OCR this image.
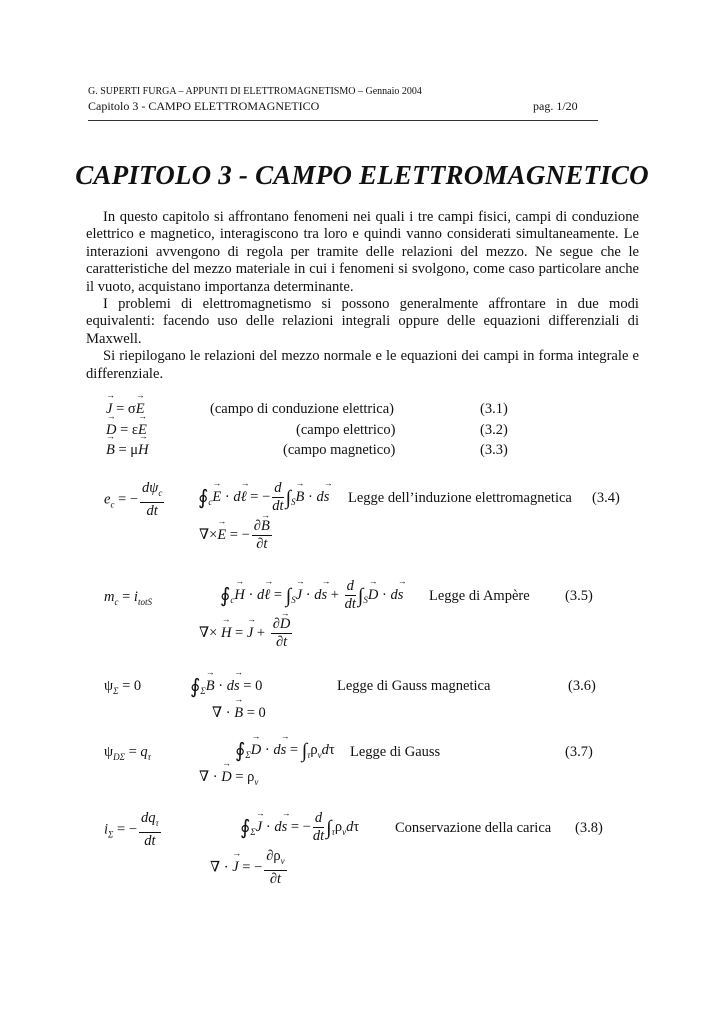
G. SUPERTI FURGA – APPUNTI DI ELETTROMAGNETISMO – Gennaio 2004
Capitolo 3 - CAMPO ELETTROMAGNETICO	pag. 1/20
CAPITOLO 3 - CAMPO ELETTROMAGNETICO

In questo capitolo si affrontano fenomeni nei quali i tre campi fisici, campi di conduzione elettrico e magnetico, interagiscono tra loro e quindi vanno considerati simultaneamente. Le interazioni avvengono di regola per tramite delle relazioni del mezzo. Ne segue che le caratteristiche del mezzo materiale in cui i fenomeni si svolgono, come caso particolare anche il vuoto, acquistano importanza determinante.

I problemi di elettromagnetismo si possono generalmente affrontare in due modi equivalenti: facendo uso delle relazioni integrali oppure delle equazioni differenziali di Maxwell.

Si riepilogano le relazioni del mezzo normale e le equazioni dei campi in forma integrale e differenziale.

→ J = σ→ E	(campo di conduzione elettrica)	(3.1)
→ D = ε→ E	(campo elettrico)	(3.2)
→ B = μ→ H	(campo magnetico)	(3.3)
$e_c$ = − $\frac{d\psi_c}{dt}$ $∮_c\to E \cdot d\to$ ℓ = − $\frac{d}{dt} \int_S\to B \cdot d\to s$
∇×→ E = − $\frac{\partial\to B}{\partial t}$
Legge dell’induzione elettromagnetica (3.4)
$m_c = i_{totS}$	$∮_c\to H \cdot d\to$ ℓ = $\int_S\to J \cdot d\to s + \frac{d}{dt} \int_S\to D \cdot d\to s$
∇× → H = → $J + \frac{\partial\to D}{\partial t}$
Legge di Ampère (3.5)
$\psi_\Sigma = 0$ $∮_\Sigma\to B \cdot d\to s = 0$
∇ · → B = 0
Legge di Gauss magnetica	(3.6)
$\psi_{D\Sigma} = q_\tau$	$∮_\Sigma\to D \cdot d\to s = \int_\tau\rho_vd\tau$
∇ · → $D = \rho_v$
Legge di Gauss	(3.7)
$i_\Sigma$ = − $\frac{dq_\tau}{dt}$	$∮_\Sigma\to J \cdot d\to s$ = − $\frac{d}{dt} \int_\tau\rho_vd\tau$
∇ · → J = − $\frac{\partial\rho_v}{\partial t}$
Conservazione della carica (3.8)
